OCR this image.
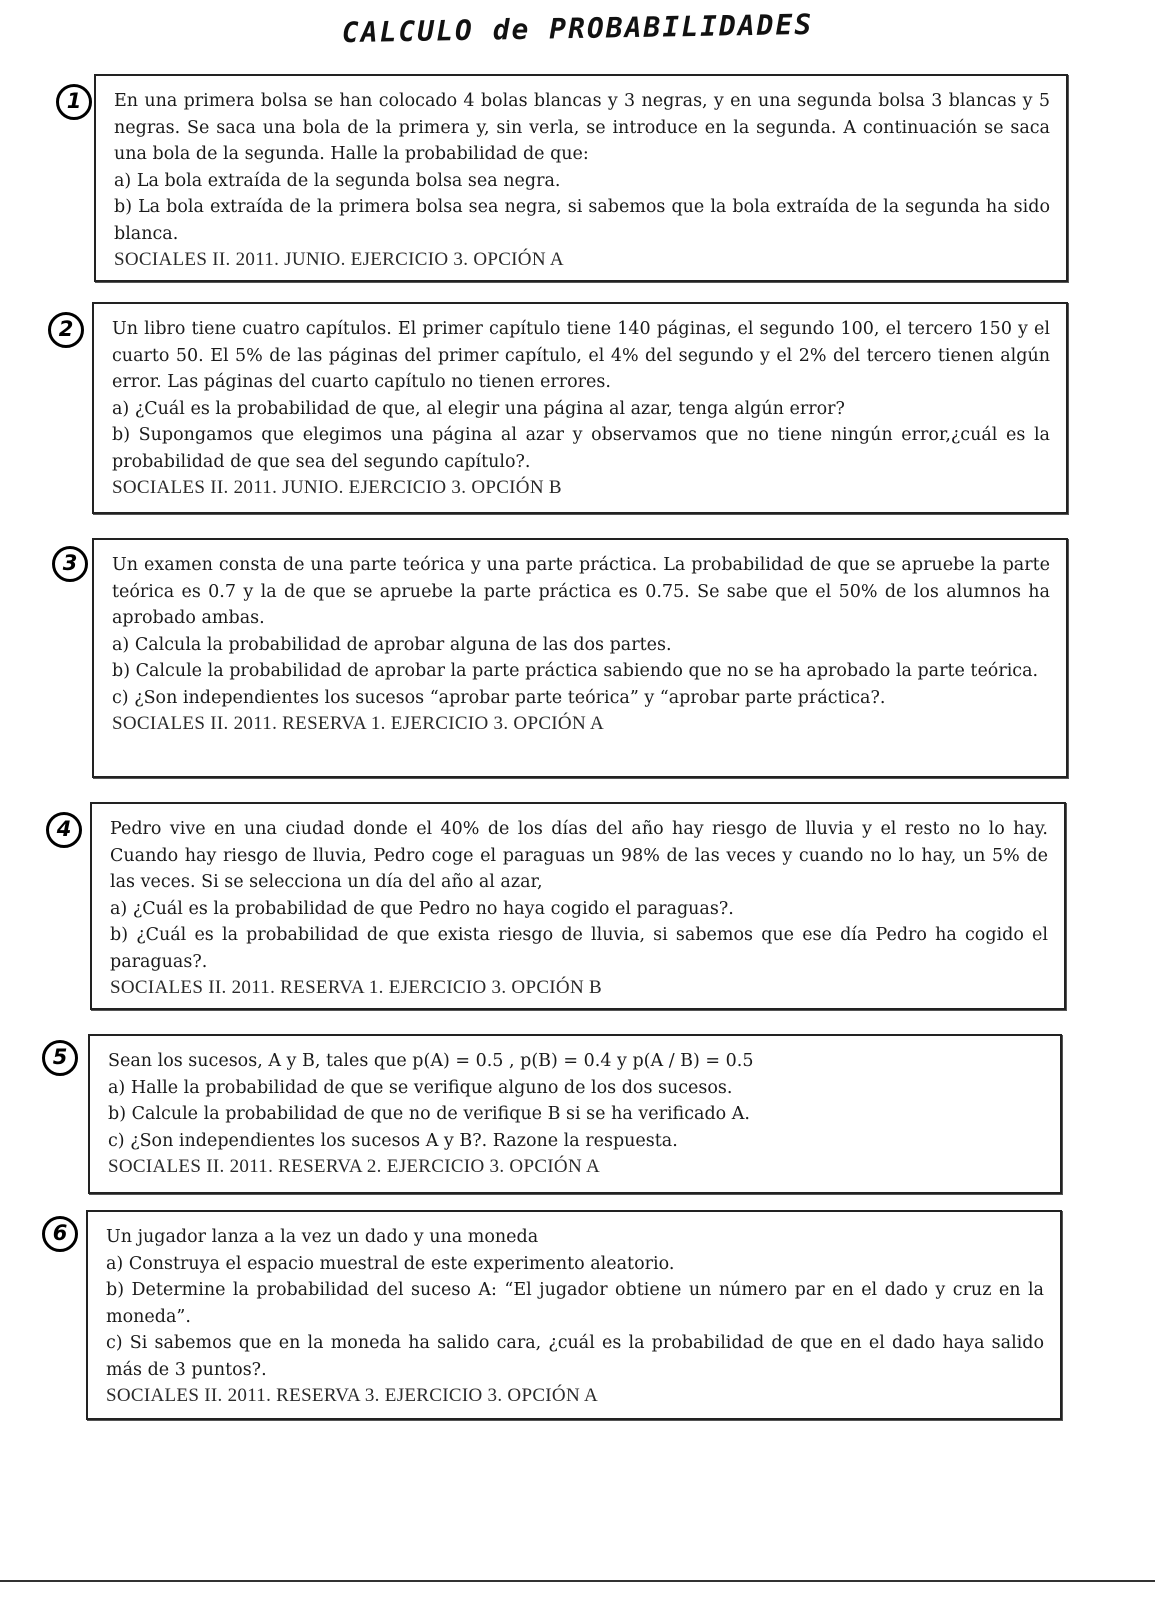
CALCULO de PROBABILIDADES
1	En una primera bolsa se han colocado 4 bolas blancas y 3 negras, y en una segunda bolsa 3 blancas y 5 negras. Se saca una bola de la primera y, sin verla, se introduce en la segunda. A continuación se saca una bola de la segunda. Halle la probabilidad de que:

a) La bola extraída de la segunda bolsa sea negra.

b) La bola extraída de la primera bolsa sea negra, si sabemos que la bola extraída de la segunda ha sido blanca.

SOCIALES II. 2011. JUNIO. EJERCICIO 3. OPCIÓN A

2	Un libro tiene cuatro capítulos. El primer capítulo tiene 140 páginas, el segundo 100, el tercero 150 y el cuarto 50. El 5% de las páginas del primer capítulo, el 4% del segundo y el 2% del tercero tienen algún error. Las páginas del cuarto capítulo no tienen errores.

a) ¿Cuál es la probabilidad de que, al elegir una página al azar, tenga algún error?

b) Supongamos que elegimos una página al azar y observamos que no tiene ningún error,¿cuál es la probabilidad de que sea del segundo capítulo?.

SOCIALES II. 2011. JUNIO. EJERCICIO 3. OPCIÓN B

3	Un examen consta de una parte teórica y una parte práctica. La probabilidad de que se apruebe la parte teórica es 0.7 y la de que se apruebe la parte práctica es 0.75. Se sabe que el 50% de los alumnos ha aprobado ambas.

a) Calcula la probabilidad de aprobar alguna de las dos partes.

b) Calcule la probabilidad de aprobar la parte práctica sabiendo que no se ha aprobado la parte teórica.

c) ¿Son independientes los sucesos “aprobar parte teórica” y “aprobar parte práctica?.

SOCIALES II. 2011. RESERVA 1. EJERCICIO 3. OPCIÓN A

4	Pedro vive en una ciudad donde el 40% de los días del año hay riesgo de lluvia y el resto no lo hay. Cuando hay riesgo de lluvia, Pedro coge el paraguas un 98% de las veces y cuando no lo hay, un 5% de las veces. Si se selecciona un día del año al azar,

a) ¿Cuál es la probabilidad de que Pedro no haya cogido el paraguas?.

b) ¿Cuál es la probabilidad de que exista riesgo de lluvia, si sabemos que ese día Pedro ha cogido el paraguas?.

SOCIALES II. 2011. RESERVA 1. EJERCICIO 3. OPCIÓN B

5	Sean los sucesos, A y B, tales que p(A) = 0.5 , p(B) = 0.4 y p(A / B) = 0.5

a) Halle la probabilidad de que se verifique alguno de los dos sucesos.

b) Calcule la probabilidad de que no de verifique B si se ha verificado A.

c) ¿Son independientes los sucesos A y B?. Razone la respuesta.

SOCIALES II. 2011. RESERVA 2. EJERCICIO 3. OPCIÓN A

6	Un jugador lanza a la vez un dado y una moneda

a) Construya el espacio muestral de este experimento aleatorio.

b) Determine la probabilidad del suceso A: “El jugador obtiene un número par en el dado y cruz en la moneda”.

c) Si sabemos que en la moneda ha salido cara, ¿cuál es la probabilidad de que en el dado haya salido más de 3 puntos?.

SOCIALES II. 2011. RESERVA 3. EJERCICIO 3. OPCIÓN A
